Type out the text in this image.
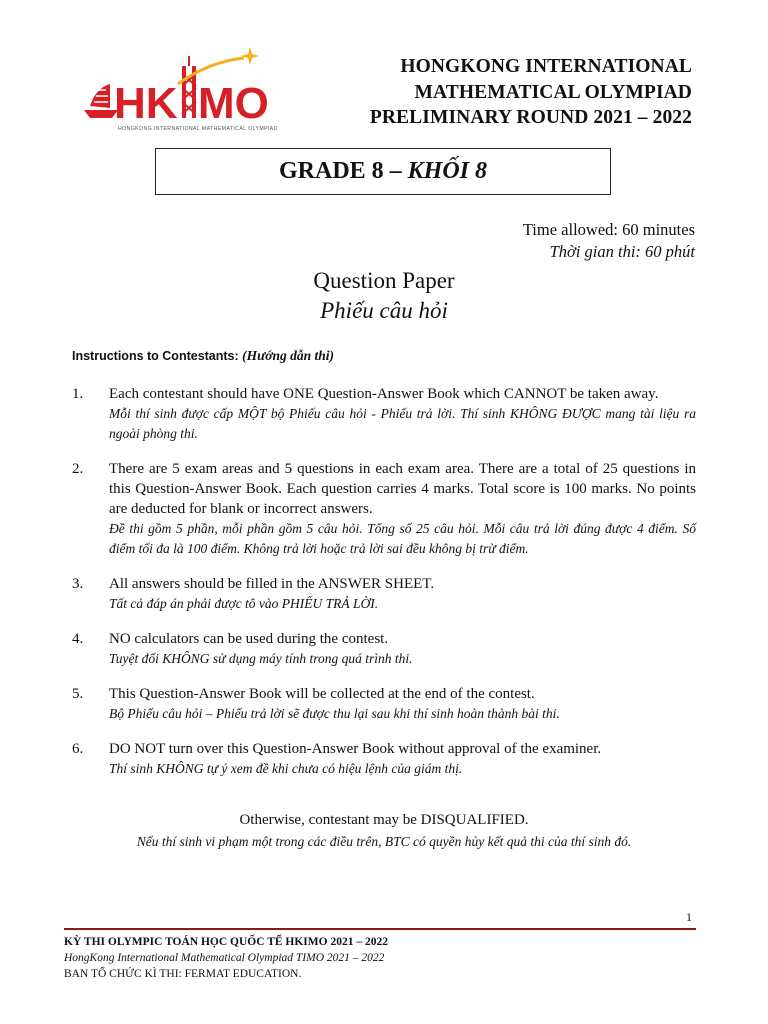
HK MO
HONGKONG INTERNATIONAL MATHEMATICAL OLYMPIAD
HONGKONG INTERNATIONAL
MATHEMATICAL OLYMPIAD
PRELIMINARY ROUND 2021 – 2022
GRADE 8 – KHỐI 8
Time allowed: 60 minutes
Thời gian thi: 60 phút
Question Paper
Phiếu câu hỏi
Instructions to Contestants: (Hướng dẫn thi)
1.	Each contestant should have ONE Question-Answer Book which CANNOT be taken away.
Mỗi thí sinh được cấp MỘT bộ Phiếu câu hỏi - Phiếu trả lời. Thí sinh KHÔNG ĐƯỢC mang tài liệu ra ngoài phòng thi.
2.	There are 5 exam areas and 5 questions in each exam area. There are a total of 25 questions in this Question-Answer Book. Each question carries 4 marks. Total score is 100 marks. No points are deducted for blank or incorrect answers.
Đề thi gồm 5 phần, mỗi phần gồm 5 câu hỏi. Tổng số 25 câu hỏi. Mỗi câu trả lời đúng được 4 điểm. Số điểm tối đa là 100 điểm. Không trả lời hoặc trả lời sai đều không bị trừ điểm.
3.	All answers should be filled in the ANSWER SHEET.
Tất cả đáp án phải được tô vào PHIẾU TRẢ LỜI.
4.	NO calculators can be used during the contest.
Tuyệt đối KHÔNG sử dụng máy tính trong quá trình thi.
5.	This Question-Answer Book will be collected at the end of the contest.
Bộ Phiếu câu hỏi – Phiếu trả lời sẽ được thu lại sau khi thí sinh hoàn thành bài thi.
6.	DO NOT turn over this Question-Answer Book without approval of the examiner.
Thí sinh KHÔNG tự ý xem đề khi chưa có hiệu lệnh của giám thị.
Otherwise, contestant may be DISQUALIFIED.
Nếu thí sinh vi phạm một trong các điều trên, BTC có quyền hủy kết quả thi của thí sinh đó.
1
KỲ THI OLYMPIC TOÁN HỌC QUỐC TẾ HKIMO 2021 – 2022
HongKong International Mathematical Olympiad TIMO 2021 – 2022
BAN TỔ CHỨC KÌ THI: FERMAT EDUCATION.
